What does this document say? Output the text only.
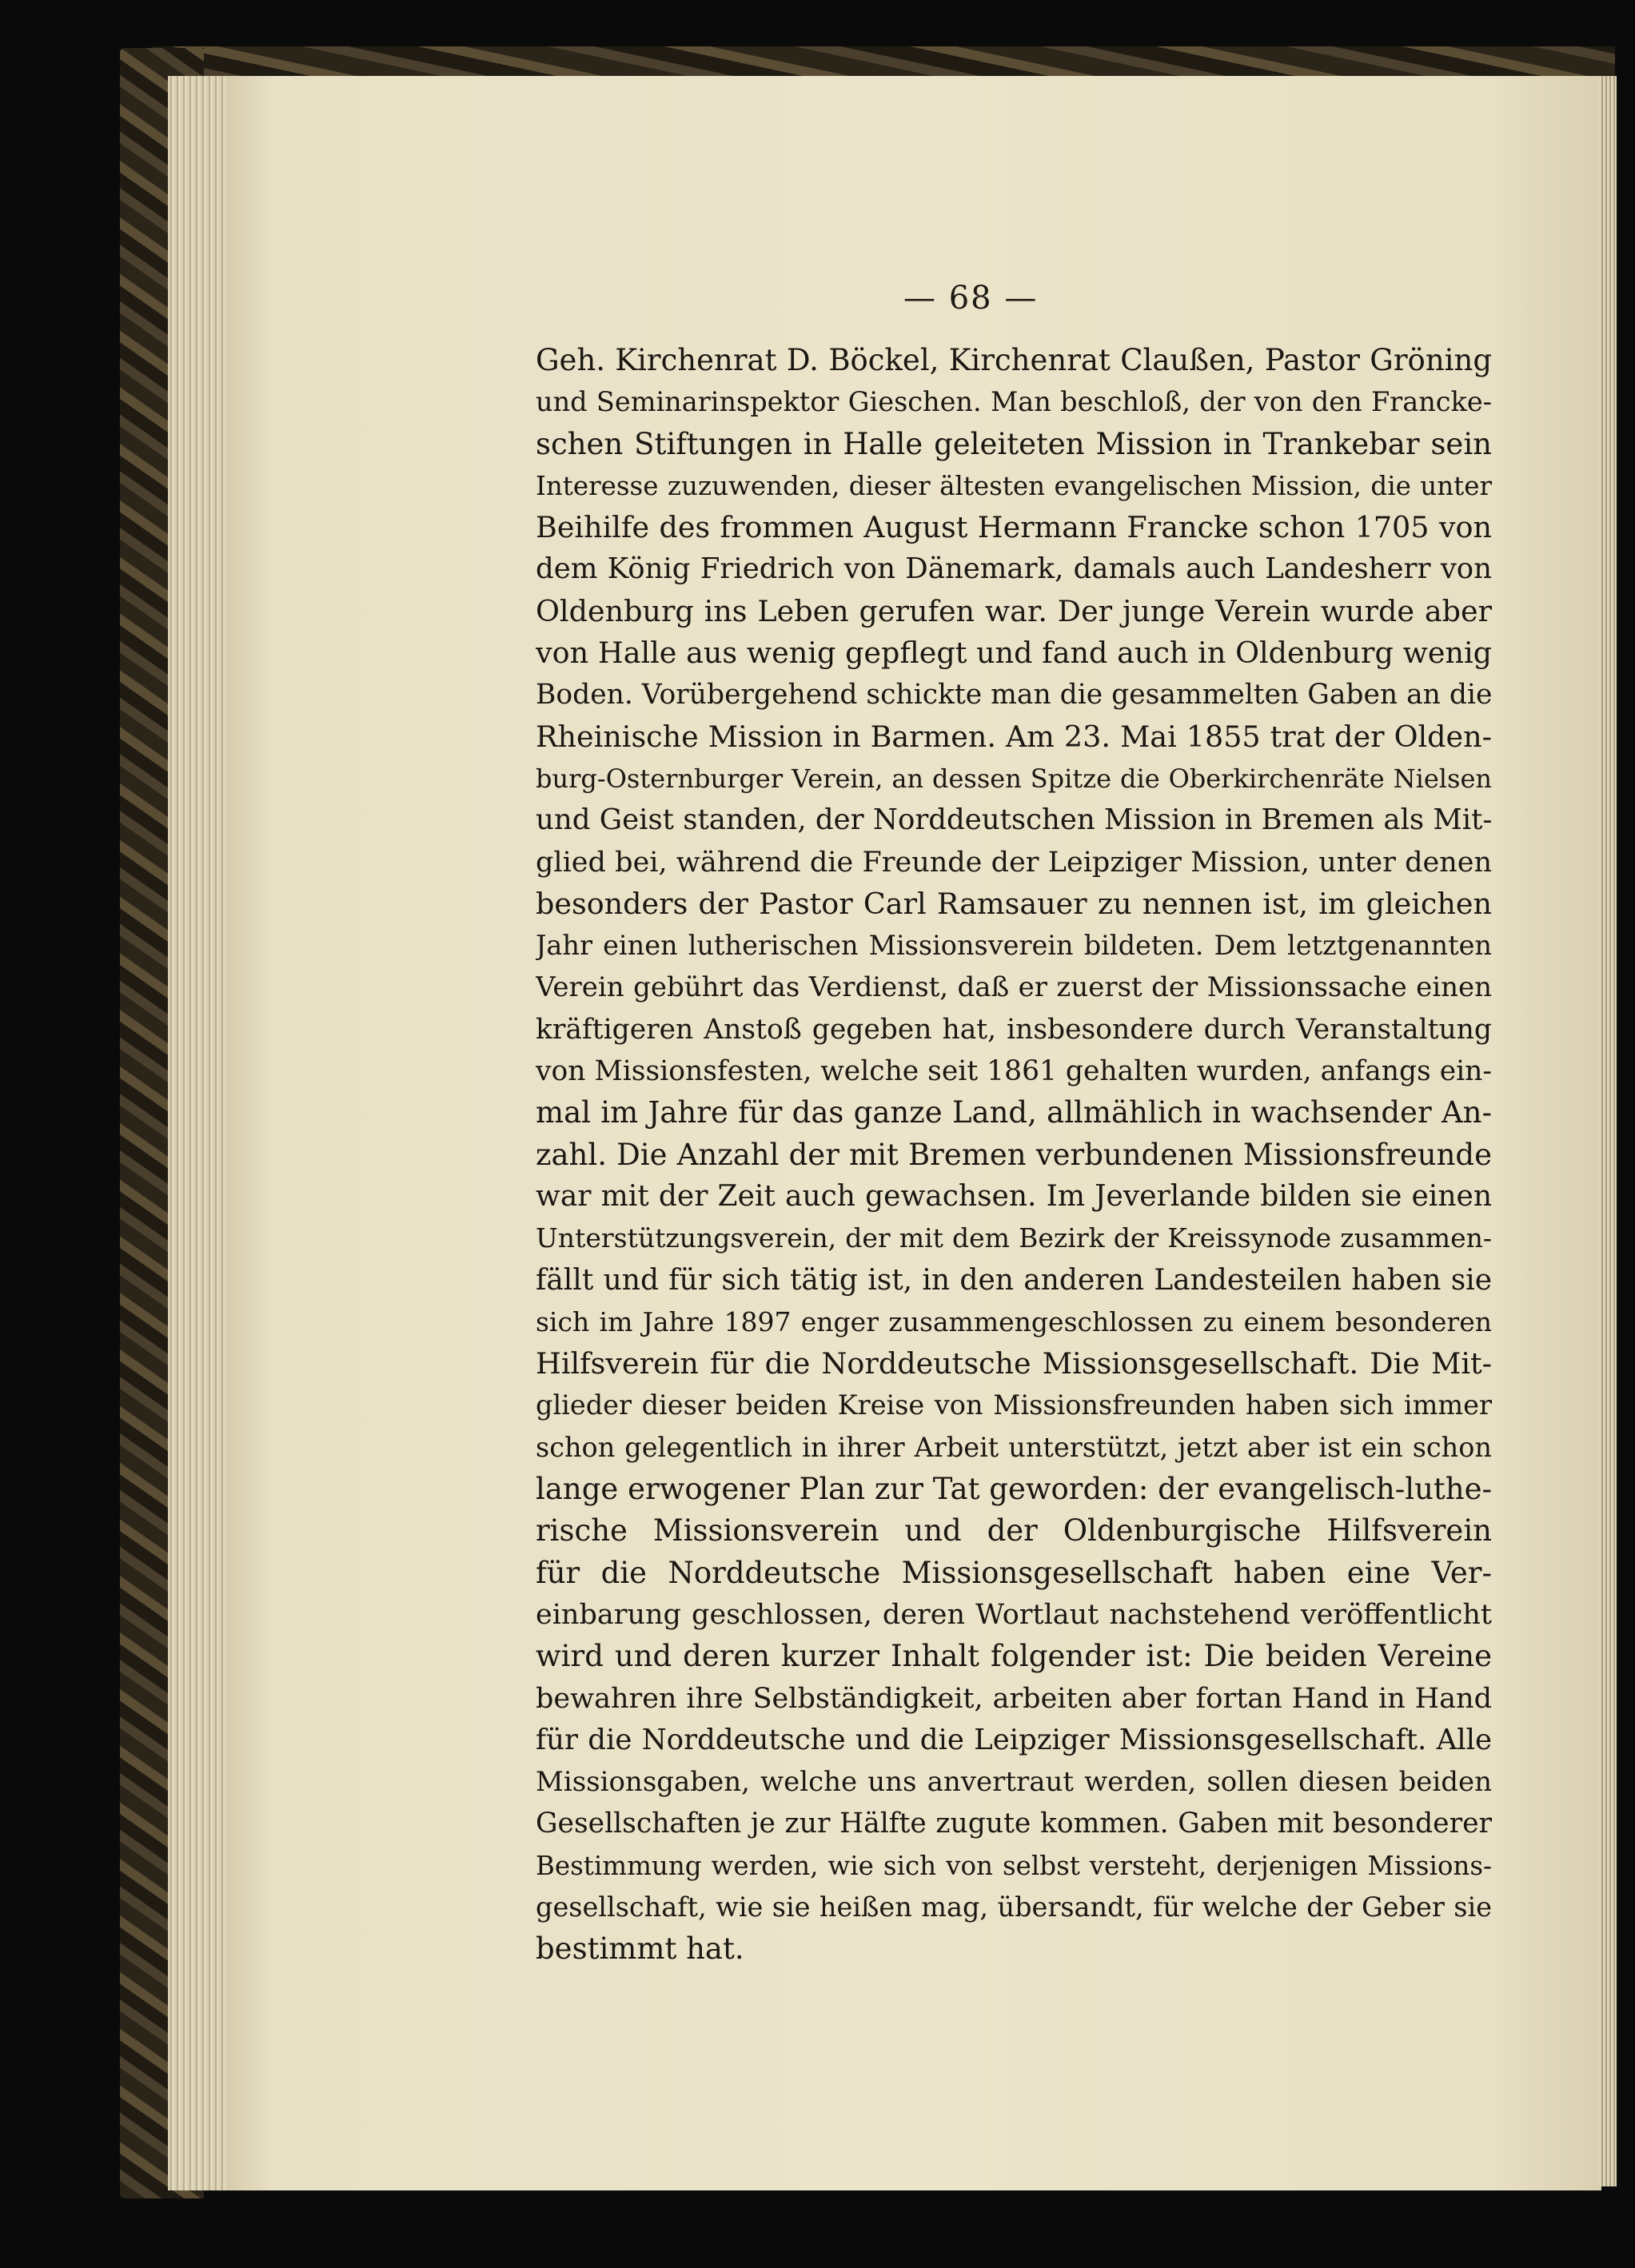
— 68 —
Geh. Kirchenrat D. Böckel, Kirchenrat Claußen, Pastor Gröning
und Seminarinspektor Gieschen. Man beschloß, der von den Francke-
schen Stiftungen in Halle geleiteten Mission in Trankebar sein
Interesse zuzuwenden, dieser ältesten evangelischen Mission, die unter
Beihilfe des frommen August Hermann Francke schon 1705 von
dem König Friedrich von Dänemark, damals auch Landesherr von
Oldenburg ins Leben gerufen war. Der junge Verein wurde aber
von Halle aus wenig gepflegt und fand auch in Oldenburg wenig
Boden. Vorübergehend schickte man die gesammelten Gaben an die
Rheinische Mission in Barmen. Am 23. Mai 1855 trat der Olden-
burg-Osternburger Verein, an dessen Spitze die Oberkirchenräte Nielsen
und Geist standen, der Norddeutschen Mission in Bremen als Mit-
glied bei, während die Freunde der Leipziger Mission, unter denen
besonders der Pastor Carl Ramsauer zu nennen ist, im gleichen
Jahr einen lutherischen Missionsverein bildeten. Dem letztgenannten
Verein gebührt das Verdienst, daß er zuerst der Missionssache einen
kräftigeren Anstoß gegeben hat, insbesondere durch Veranstaltung
von Missionsfesten, welche seit 1861 gehalten wurden, anfangs ein-
mal im Jahre für das ganze Land, allmählich in wachsender An-
zahl. Die Anzahl der mit Bremen verbundenen Missionsfreunde
war mit der Zeit auch gewachsen. Im Jeverlande bilden sie einen
Unterstützungsverein, der mit dem Bezirk der Kreissynode zusammen-
fällt und für sich tätig ist, in den anderen Landesteilen haben sie
sich im Jahre 1897 enger zusammengeschlossen zu einem besonderen
Hilfsverein für die Norddeutsche Missionsgesellschaft. Die Mit-
glieder dieser beiden Kreise von Missionsfreunden haben sich immer
schon gelegentlich in ihrer Arbeit unterstützt, jetzt aber ist ein schon
lange erwogener Plan zur Tat geworden: der evangelisch-luthe-
rische Missionsverein und der Oldenburgische Hilfsverein
für die Norddeutsche Missionsgesellschaft haben eine Ver-
einbarung geschlossen, deren Wortlaut nachstehend veröffentlicht
wird und deren kurzer Inhalt folgender ist: Die beiden Vereine
bewahren ihre Selbständigkeit, arbeiten aber fortan Hand in Hand
für die Norddeutsche und die Leipziger Missionsgesellschaft. Alle
Missionsgaben, welche uns anvertraut werden, sollen diesen beiden
Gesellschaften je zur Hälfte zugute kommen. Gaben mit besonderer
Bestimmung werden, wie sich von selbst versteht, derjenigen Missions-
gesellschaft, wie sie heißen mag, übersandt, für welche der Geber sie
bestimmt hat.
